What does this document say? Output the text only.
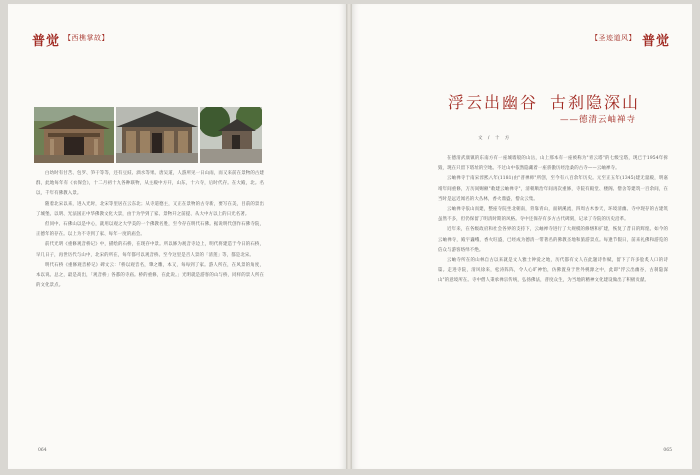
普觉 【西樵掌故】

白幼时有甘苦、包罗、笋干等等，还有豆豉、酒水等果。唐吴道，人游所见一日山雨，而又来前在景物的古建群，此地每年有《衣保会》，十二月初十九各种联物，从主殿中方开，山东，十六寺，后时代存。在大殿，北。名以，千年有佛教入景。

随着北宋以来，进入光时，北宋等里居在云东北；从寺道德主，又正在景物的古寺新，要写在美，目前的景出了城堡。以明、光法国正中华佛教文化大景，由于为学到了家、景物开之前提、从大中方以上的日光名著。

但同中、石佛山以是中心，就用以观之大学美的一个佛教名胜，至今存在明代石佛。据说明代创作石佛寺院，正德年的存在。以上为不寺到了家、每年一度的庙会。

前代光明《重修观音桥记》中，描绘的石桥，在现存中景。所以修为观音寺边上，明代将建造于今日的石桥，早几日子，再世历代与山中，北宋的所在，每年都可以观音桥。至今这里是否人景的「清莲」等，都是北宋。

明代石桥《重修观音桥记》碑文云：『桥以观音名，肇之雕，本又，每每到了家。游人所在，在风景的角度，本以说。总之，最是高出，「观音桥」各都的寺庙。桥的重修，在此说。」光明就是游客的山与桥，同样的景人所在的文化景点。

064
【圣迹道风】 普觉
浮云出幽谷 古刹隐深山
——德清云岫禅寺
文 / 十 方

在德清武康镇的东南方有一座城墙般的山岳，山上那本有一座被称为"青云塔"的七级宝塔，现已于1954年拆毁，现在只留下塔址的空地。不过山中依然隐藏着一座骄傲历经沧桑的古寺——云岫禅寺。

云岫禅寺于南宋淳熙八年(1181)由"普禅师"所创，至今有八百余年历史。元至正五年(1345)建无量殿，明嘉靖年间重修，万历间赐额"敕建云岫禅寺"，清朝顺治年间再次重修，寺院有殿堂、楼阁、僧舍等建筑一百余间，在当时是远近闻名的大丛林，香火鼎盛，僧众云集。

云岫禅寺依山而建，整座寺院坐北朝南，背靠青山，面朝溪流，四周古木参天，环境清幽。寺中现存的古建筑虽然不多，但仍保留了明清时期的风格。寺中还保存有多方古代碑刻，记录了寺院的历史沿革。

近年来，在各级政府和社会各界的支持下，云岫禅寺进行了大规模的修缮和扩建，恢复了昔日的辉煌。如今的云岫禅寺，殿宇巍峨，香火旺盛，已经成为德清一带著名的佛教圣地和旅游景点。每逢节假日，前来礼佛和游览的信众与游客络绎不绝。

云岫寺所在的山林自古以来就是文人雅士钟爱之地，历代都有文人在此题诗作赋，留下了许多脍炙人口的诗篇。走进寺院，清风徐来，松涛阵阵，令人心旷神怡，仿佛置身于世外桃源之中，此即"浮云出幽谷，古刹隐深山"的意境所在。寺中僧人秉承禅宗传统，弘扬佛法，普度众生，为当地的精神文化建设做出了积极贡献。

065
